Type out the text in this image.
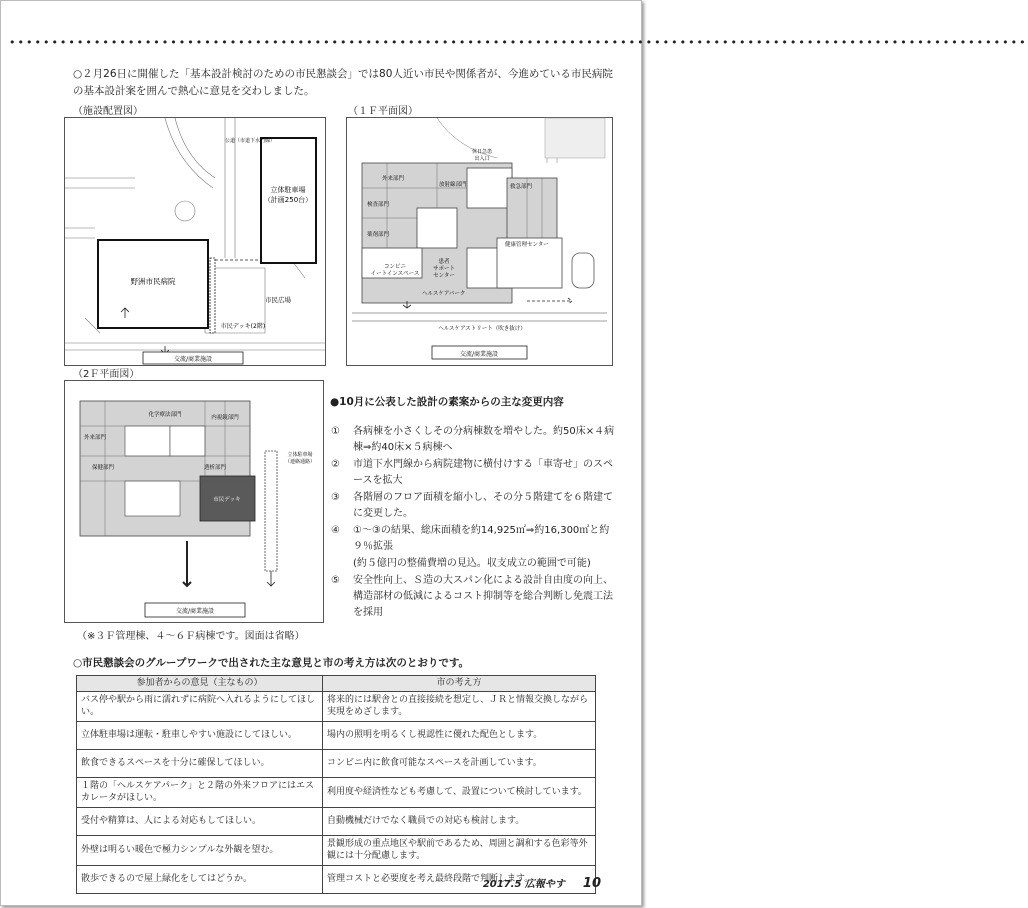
••••••••••••••••••••••••••••••••••••••••••••••••••••••••••••••••••••••••••••••••••••••••••••••••••••••••••••••••••••••••
○２月26日に開催した「基本設計検討のための市民懇談会」では80人近い市民や関係者が、今進めている市民病院の基本設計案を囲んで熱心に意見を交わしました。
（施設配置図）
立体駐車場
（計画250台）
野洲市民病院
市民広場
市民デッキ(2階)
公道（市道下水門線）
交流/商業施設
（１Ｆ平面図）
外来部門
放射線部門	救急部門
検査部門
薬剤部門
健康管理センター
休日急患出入口
コンビニイートインスペース
患者サポートセンター
ヘルスケアパーク
ヘルスケアストリート（吹き抜け）
交流/商業施設
（2Ｆ平面図）
化学療法部門	内視鏡部門
外来部門
透析部門
保健部門
市民デッキ
立体駐車場（連絡通路）
交流/商業施設
●10月に公表した設計の素案からの主な変更内容
①	各病棟を小さくしその分病棟数を増やした。約50床×４病棟⇒約40床×５病棟へ
②	市道下水門線から病院建物に横付けする「車寄せ」のスペースを拡大
③	各階層のフロア面積を縮小し、その分５階建てを６階建てに変更した。
④	①～③の結果、総床面積を約14,925㎡⇒約16,300㎡と約９％拡張
(約５億円の整備費増の見込。収支成立の範囲で可能)
⑤	安全性向上、Ｓ造の大スパン化による設計自由度の向上、構造部材の低減によるコスト抑制等を総合判断し免震工法を採用
（※３Ｆ管理棟、４～６Ｆ病棟です。図面は省略）
○市民懇談会のグループワークで出された主な意見と市の考え方は次のとおりです。
参加者からの意見（主なもの）	市の考え方
バス停や駅から雨に濡れずに病院へ入れるようにしてほしい。	将来的には駅舎との直接接続を想定し、ＪＲと情報交換しながら実現をめざします。
立体駐車場は運転・駐車しやすい施設にしてほしい。	場内の照明を明るくし視認性に優れた配色とします。
飲食できるスペースを十分に確保してほしい。	コンビニ内に飲食可能なスペースを計画しています。
１階の「ヘルスケアパーク」と２階の外来フロアにはエスカレータがほしい。	利用度や経済性なども考慮して、設置について検討しています。
受付や精算は、人による対応もしてほしい。	自動機械だけでなく職員での対応も検討します。
外壁は明るい暖色で極力シンプルな外観を望む。	景観形成の重点地区や駅前であるため、周囲と調和する色彩等外観には十分配慮します。
散歩できるので屋上緑化をしてはどうか。	管理コストと必要度を考え最終段階で判断します。
2017.5 広報やす 10
